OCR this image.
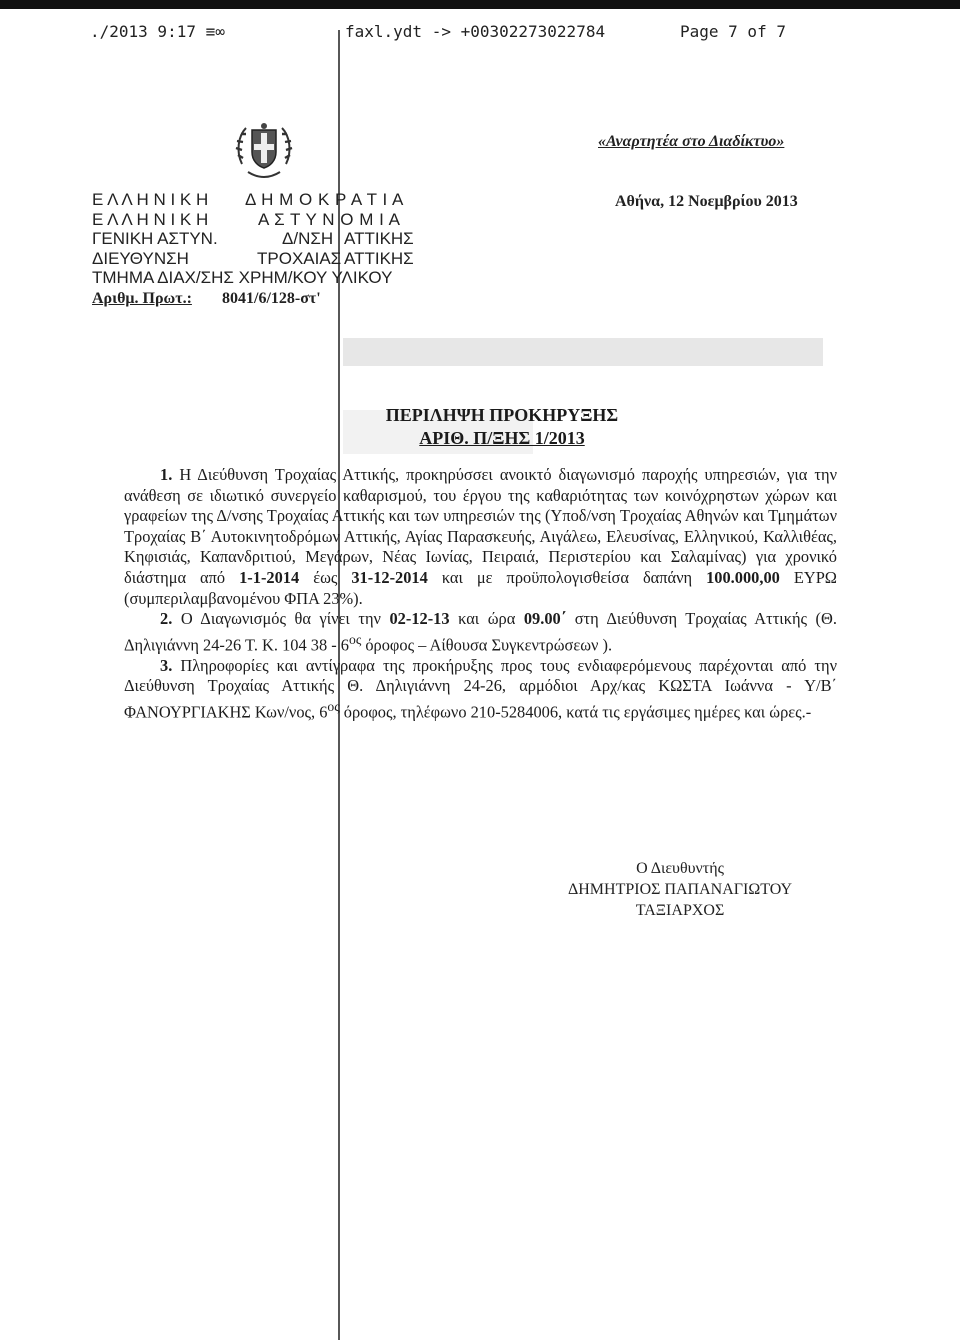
./2013 9:17 ≡∞	faxl.ydt -> +00302273022784	Page 7 of 7
Ε Λ Λ Η Ν Ι Κ Η Δ Η Μ Ο Κ Ρ Α Τ Ι Α
Ε Λ Λ Η Ν Ι Κ Η	Α Σ Τ Υ Ν Ο Μ Ι Α
ΓΕΝΙΚΗ ΑΣΤΥΝ.	Δ/ΝΣΗ ΑΤΤΙΚΗΣ
ΔΙΕΥΘΥΝΣΗ	ΤΡΟΧΑΙΑΣ ΑΤΤΙΚΗΣ
ΤΜΗΜΑ ΔΙΑΧ/ΣΗΣ ΧΡΗΜ/ΚΟΥ ΥΛΙΚΟΥ
Αριθμ. Πρωτ.: 8041/6/128-στ'
«Αναρτητέα στο Διαδίκτυο»
Αθήνα, 12 Νοεμβρίου 2013
ΠΕΡΙΛΗΨΗ ΠΡΟΚΗΡΥΞΗΣ
ΑΡΙΘ. Π/ΞΗΣ 1/2013

1. Η Διεύθυνση Τροχαίας Αττικής, προκηρύσσει ανοικτό διαγωνισμό παροχής υπηρεσιών, για την ανάθεση σε ιδιωτικό συνεργείο καθαρισμού, του έργου της καθαριότητας των κοινόχρηστων χώρων και γραφείων της Δ/νσης Τροχαίας Αττικής και των υπηρεσιών της (Υποδ/νση Τροχαίας Αθηνών και Τμημάτων Τροχαίας Β΄ Αυτοκινητοδρόμων Αττικής, Αγίας Παρασκευής, Αιγάλεω, Ελευσίνας, Ελληνικού, Καλλιθέας, Κηφισιάς, Καπανδριτιού, Μεγάρων, Νέας Ιωνίας, Πειραιά, Περιστερίου και Σαλαμίνας) για χρονικό διάστημα από 1-1-2014 έως 31-12-2014 και με προϋπολογισθείσα δαπάνη 100.000,00 ΕΥΡΩ (συμπεριλαμβανομένου ΦΠΑ 23%).

2. Ο Διαγωνισμός θα γίνει την 02-12-13 και ώρα 09.00΄ στη Διεύθυνση Τροχαίας Αττικής (Θ. Δηλιγιάννη 24-26 Τ. Κ. 104 $38 - 6^{o\varsigma}$ όροφος – Αίθουσα Συγκεντρώσεων ).

3. Πληροφορίες και αντίγραφα της προκήρυξης προς τους ενδιαφερόμενους παρέχονται από την Διεύθυνση Τροχαίας Αττικής Θ. Δηλιγιάννη 24-26, αρμόδιοι Αρχ/κας ΚΩΣΤΑ Ιωάννα - Υ/Β΄ ΦΑΝΟΥΡΓΙΑΚΗΣ Κων/νος, $6^{o\varsigma}$ όροφος, τηλέφωνο 210-5284006, κατά τις εργάσιμες ημέρες και ώρες.-

Ο Διευθυντής
ΔΗΜΗΤΡΙΟΣ ΠΑΠΑΝΑΓΙΩΤΟΥ
ΤΑΞΙΑΡΧΟΣ
